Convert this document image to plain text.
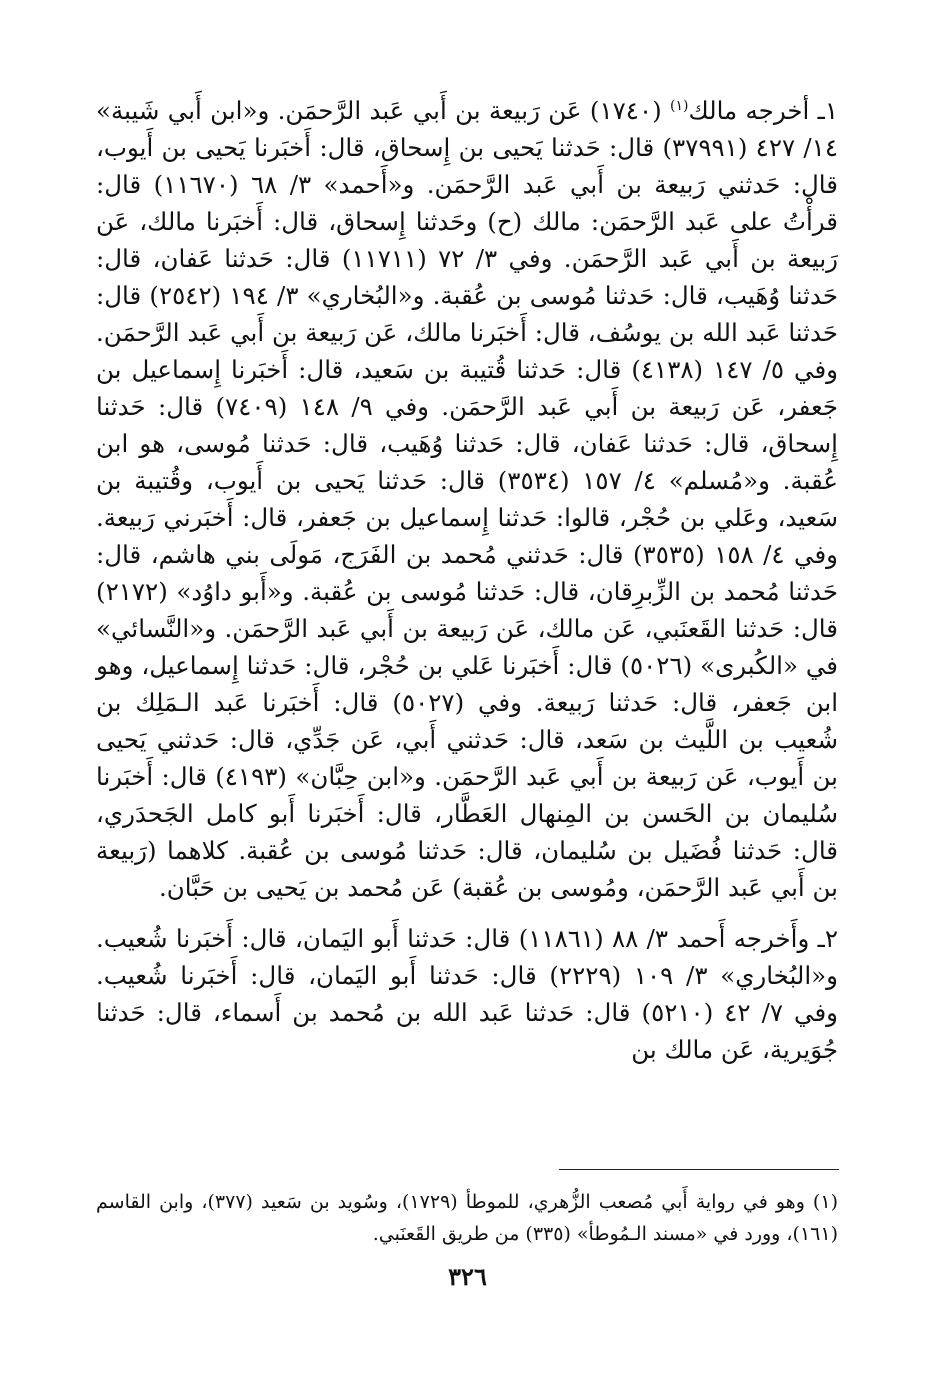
١ـ أخرجه مالك$^{(١)}$ (١٧٤٠) عَن رَبيعة بن أَبي عَبد الرَّحمَن. و«ابن أَبي شَيبة» ١٤/ ٤٢٧ (٣٧٩٩١) قال: حَدثنا يَحيى بن إِسحاق، قال: أَخبَرنا يَحيى بن أَيوب، قال: حَدثني رَبيعة بن أَبي عَبد الرَّحمَن. و«أَحمد» ٣/ ٦٨ (١١٦٧٠) قال: قرأْتُ على عَبد الرَّحمَن: مالك (ح) وحَدثنا إِسحاق، قال: أَخبَرنا مالك، عَن رَبيعة بن أَبي عَبد الرَّحمَن. وفي ٣/ ٧٢ (١١٧١١) قال: حَدثنا عَفان، قال: حَدثنا وُهَيب، قال: حَدثنا مُوسى بن عُقبة. و«البُخاري» ٣/ ١٩٤ (٢٥٤٢) قال: حَدثنا عَبد الله بن يوسُف، قال: أَخبَرنا مالك، عَن رَبيعة بن أَبي عَبد الرَّحمَن. وفي ٥/ ١٤٧ (٤١٣٨) قال: حَدثنا قُتيبة بن سَعيد، قال: أَخبَرنا إِسماعيل بن جَعفر، عَن رَبيعة بن أَبي عَبد الرَّحمَن. وفي ٩/ ١٤٨ (٧٤٠٩) قال: حَدثنا إِسحاق، قال: حَدثنا عَفان، قال: حَدثنا وُهَيب، قال: حَدثنا مُوسى، هو ابن عُقبة. و«مُسلم» ٤/ ١٥٧ (٣٥٣٤) قال: حَدثنا يَحيى بن أَيوب، وقُتيبة بن سَعيد، وعَلي بن حُجْر، قالوا: حَدثنا إِسماعيل بن جَعفر، قال: أَخبَرني رَبيعة. وفي ٤/ ١٥٨ (٣٥٣٥) قال: حَدثني مُحمد بن الفَرَج، مَولَى بني هاشم، قال: حَدثنا مُحمد بن الزِّبرِقان، قال: حَدثنا مُوسى بن عُقبة. و«أَبو داوُد» (٢١٧٢) قال: حَدثنا القَعنَبي، عَن مالك، عَن رَبيعة بن أَبي عَبد الرَّحمَن. و«النَّسائي» في «الكُبرى» (٥٠٢٦) قال: أَخبَرنا عَلي بن حُجْر، قال: حَدثنا إِسماعيل، وهو ابن جَعفر، قال: حَدثنا رَبيعة. وفي (٥٠٢٧) قال: أَخبَرنا عَبد الـمَلِك بن شُعيب بن اللَّيث بن سَعد، قال: حَدثني أَبي، عَن جَدِّي، قال: حَدثني يَحيى بن أَيوب، عَن رَبيعة بن أَبي عَبد الرَّحمَن. و«ابن حِبَّان» (٤١٩٣) قال: أَخبَرنا سُليمان بن الحَسن بن المِنهال العَطَّار، قال: أَخبَرنا أَبو كامل الجَحدَري، قال: حَدثنا فُضَيل بن سُليمان، قال: حَدثنا مُوسى بن عُقبة. كلاهما (رَبيعة بن أَبي عَبد الرَّحمَن، ومُوسى بن عُقبة) عَن مُحمد بن يَحيى بن حَبَّان.

٢ـ وأَخرجه أَحمد ٣/ ٨٨ (١١٨٦١) قال: حَدثنا أَبو اليَمان، قال: أَخبَرنا شُعيب. و«البُخاري» ٣/ ١٠٩ (٢٢٢٩) قال: حَدثنا أَبو اليَمان، قال: أَخبَرنا شُعيب. وفي ٧/ ٤٢ (٥٢١٠) قال: حَدثنا عَبد الله بن مُحمد بن أَسماء، قال: حَدثنا جُوَيرية، عَن مالك بن

(١) وهو في رواية أَبي مُصعب الزُّهري، للموطأ (١٧٢٩)، وسُويد بن سَعيد (٣٧٧)، وابن القاسم (١٦١)، وورد في «مسند الـمُوطأ» (٣٣٥) من طريق القَعنَبي.

٣٢٦
